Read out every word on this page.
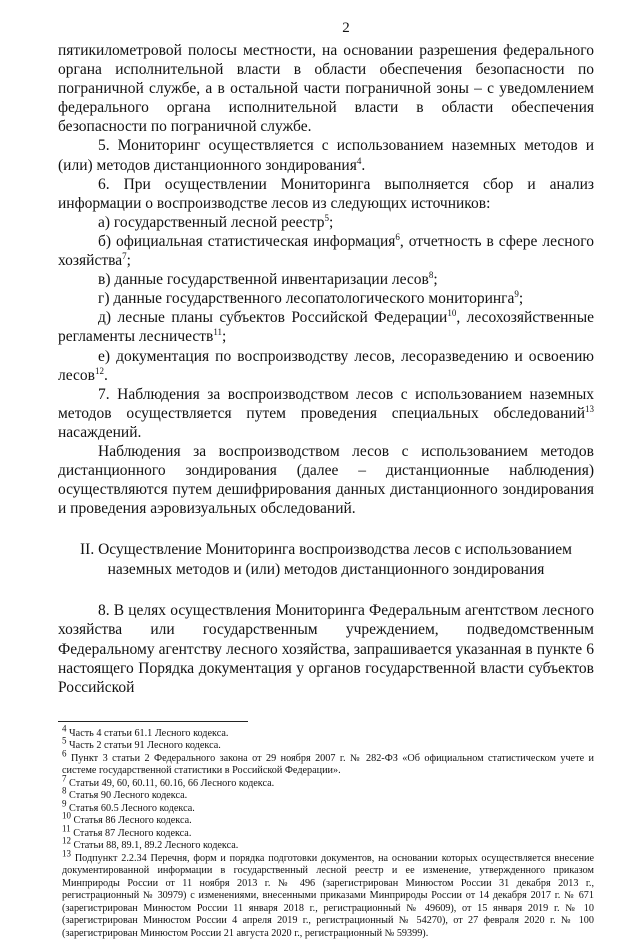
2

пятикилометровой полосы местности, на основании разрешения федерального органа исполнительной власти в области обеспечения безопасности по пограничной службе, а в остальной части пограничной зоны – с уведомлением федерального органа исполнительной власти в области обеспечения безопасности по пограничной службе.

5. Мониторинг осуществляется с использованием наземных методов и (или) методов дистанционного зондирования$^4$.

6. При осуществлении Мониторинга выполняется сбор и анализ информации о воспроизводстве лесов из следующих источников:

а) государственный лесной реестр$^5$;

б) официальная статистическая информация$^6$, отчетность в сфере лесного хозяйства$^7$;

в) данные государственной инвентаризации лесов$^8$;

г) данные государственного лесопатологического мониторинга$^9$;

д) лесные планы субъектов Российской Федерации$^{10}$, лесохозяйственные регламенты лесничеств$^{11}$;

е) документация по воспроизводству лесов, лесоразведению и освоению лесов$^{12}$.

7. Наблюдения за воспроизводством лесов с использованием наземных методов осуществляется путем проведения специальных обследований$^{13}$ насаждений.

Наблюдения за воспроизводством лесов с использованием методов дистанционного зондирования (далее – дистанционные наблюдения) осуществляются путем дешифрирования данных дистанционного зондирования и проведения аэровизуальных обследований.

II. Осуществление Мониторинга воспроизводства лесов с использованием
наземных методов и (или) методов дистанционного зондирования

8. В целях осуществления Мониторинга Федеральным агентством лесного хозяйства или государственным учреждением, подведомственным Федеральному агентству лесного хозяйства, запрашивается указанная в пункте 6 настоящего Порядка документация у органов государственной власти субъектов Российской

$^4$ Часть 4 статьи 61.1 Лесного кодекса.

$^5$ Часть 2 статьи 91 Лесного кодекса.

$^6$ Пункт 3 статьи 2 Федерального закона от 29 ноября 2007 г. № 282-ФЗ «Об официальном статистическом учете и системе государственной статистики в Российской Федерации».

$^7$ Статьи 49, 60, 60.11, 60.16, 66 Лесного кодекса.

$^8$ Статья 90 Лесного кодекса.

$^9$ Статья 60.5 Лесного кодекса.

$^{10}$ Статья 86 Лесного кодекса.

$^{11}$ Статья 87 Лесного кодекса.

$^{12}$ Статьи 88, 89.1, 89.2 Лесного кодекса.

$^{13}$ Подпункт 2.2.34 Перечня, форм и порядка подготовки документов, на основании которых осуществляется внесение документированной информации в государственный лесной реестр и ее изменение, утвержденного приказом Минприроды России от 11 ноября 2013 г. № 496 (зарегистрирован Минюстом России 31 декабря 2013 г., регистрационный № 30979) с изменениями, внесенными приказами Минприроды России от 14 декабря 2017 г. № 671 (зарегистрирован Минюстом России 11 января 2018 г., регистрационный № 49609), от 15 января 2019 г. № 10 (зарегистрирован Минюстом России 4 апреля 2019 г., регистрационный № 54270), от 27 февраля 2020 г. № 100 (зарегистрирован Минюстом России 21 августа 2020 г., регистрационный № 59399).
